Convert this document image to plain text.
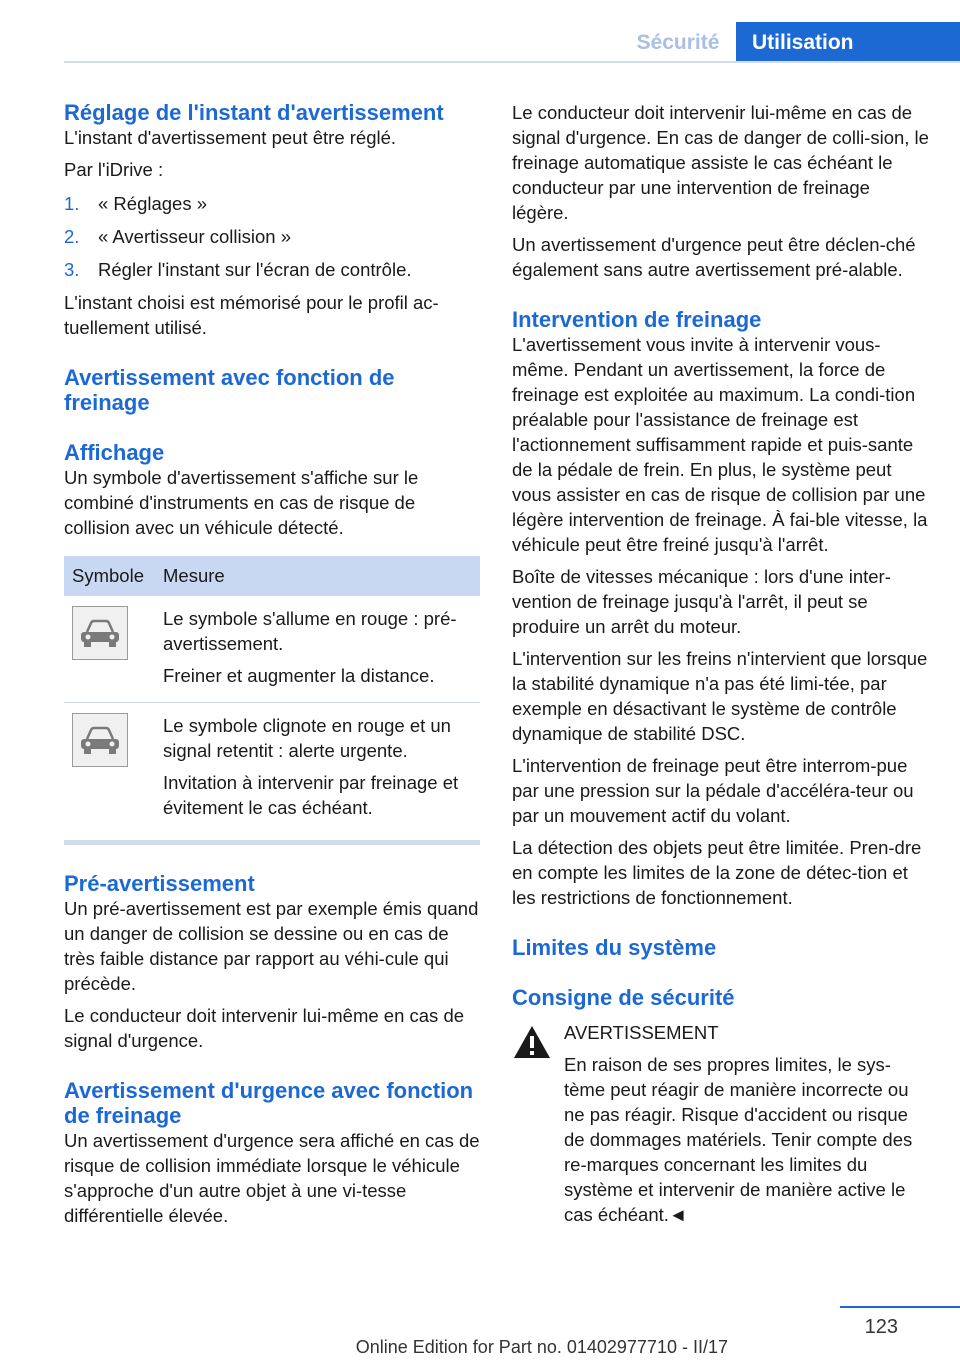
Sécurité	Utilisation
Réglage de l'instant d'avertissement
L'instant d'avertissement peut être réglé.
Par l'iDrive :
1.	« Réglages »
2.	« Avertisseur collision »
3.	Régler l'instant sur l'écran de contrôle.
L'instant choisi est mémorisé pour le profil ac-tuellement utilisé.
Avertissement avec fonction de freinage
Affichage
Un symbole d'avertissement s'affiche sur le combiné d'instruments en cas de risque de collision avec un véhicule détecté.
Symbole	Mesure
Le symbole s'allume en rouge : pré-avertissement.
Freiner et augmenter la distance.
Le symbole clignote en rouge et un signal retentit : alerte urgente.
Invitation à intervenir par freinage et évitement le cas échéant.
Pré-avertissement
Un pré-avertissement est par exemple émis quand un danger de collision se dessine ou en cas de très faible distance par rapport au véhi-cule qui précède.
Le conducteur doit intervenir lui-même en cas de signal d'urgence.
Avertissement d'urgence avec fonction de freinage
Un avertissement d'urgence sera affiché en cas de risque de collision immédiate lorsque le véhicule s'approche d'un autre objet à une vi-tesse différentielle élevée.
Le conducteur doit intervenir lui-même en cas de signal d'urgence. En cas de danger de colli-sion, le freinage automatique assiste le cas échéant le conducteur par une intervention de freinage légère.
Un avertissement d'urgence peut être déclen-ché également sans autre avertissement pré-alable.
Intervention de freinage
L'avertissement vous invite à intervenir vous-même. Pendant un avertissement, la force de freinage est exploitée au maximum. La condi-tion préalable pour l'assistance de freinage est l'actionnement suffisamment rapide et puis-sante de la pédale de frein. En plus, le système peut vous assister en cas de risque de collision par une légère intervention de freinage. À fai-ble vitesse, la véhicule peut être freiné jusqu'à l'arrêt.
Boîte de vitesses mécanique : lors d'une inter-vention de freinage jusqu'à l'arrêt, il peut se produire un arrêt du moteur.
L'intervention sur les freins n'intervient que lorsque la stabilité dynamique n'a pas été limi-tée, par exemple en désactivant le système de contrôle dynamique de stabilité DSC.
L'intervention de freinage peut être interrom-pue par une pression sur la pédale d'accéléra-teur ou par un mouvement actif du volant.
La détection des objets peut être limitée. Pren-dre en compte les limites de la zone de détec-tion et les restrictions de fonctionnement.
Limites du système
Consigne de sécurité
AVERTISSEMENT
En raison de ses propres limites, le sys-tème peut réagir de manière incorrecte ou ne pas réagir. Risque d'accident ou risque de dommages matériels. Tenir compte des re-marques concernant les limites du système et intervenir de manière active le cas échéant.◄
123
Online Edition for Part no. 01402977710 - II/17
